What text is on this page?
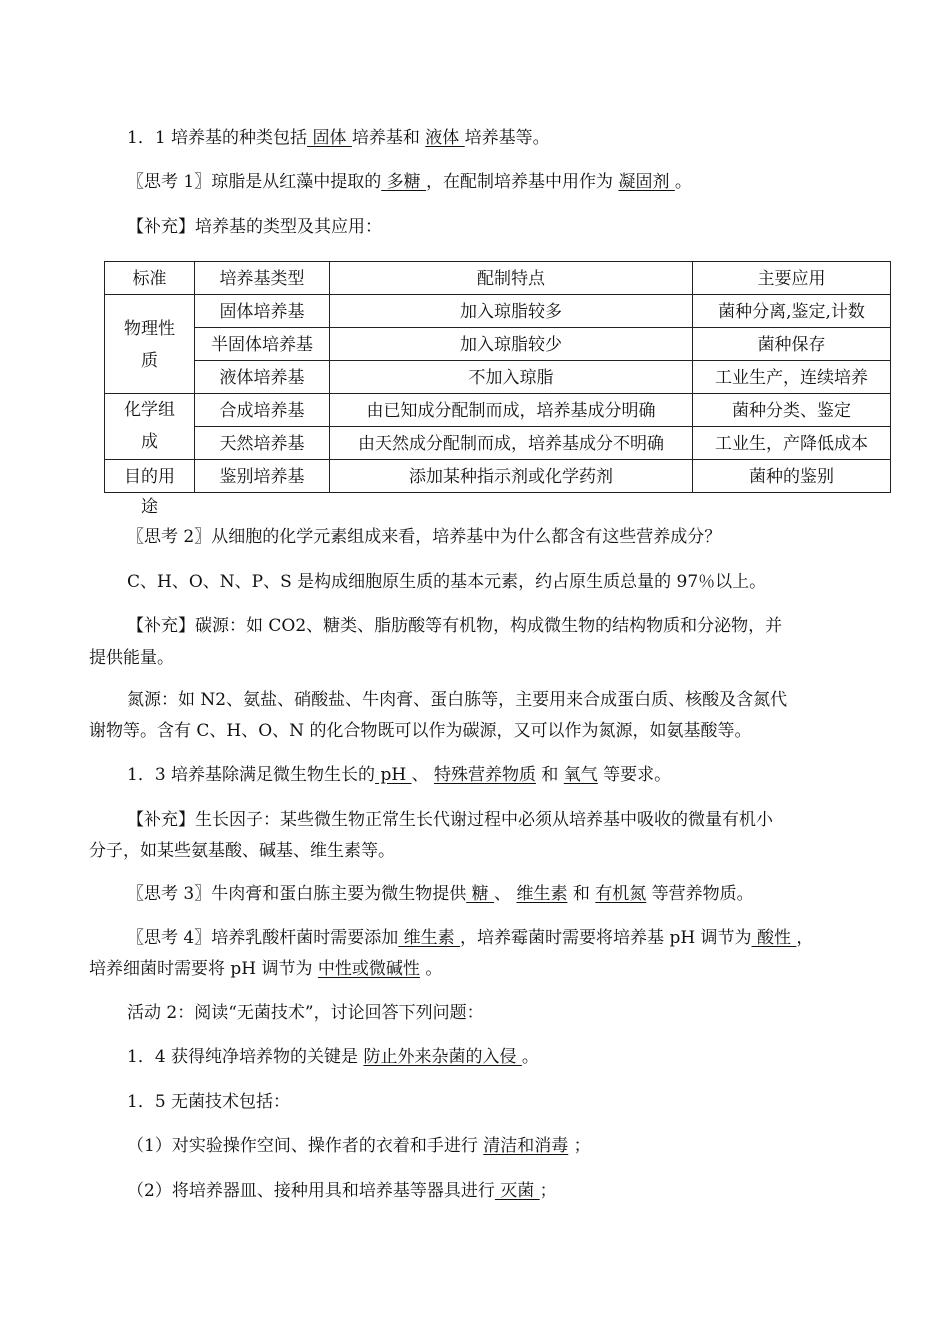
1．1 培养基的种类包括 固体 培养基和 液体 培养基等。
〖思考 1〗琼脂是从红藻中提取的 多糖 ，在配制培养基中用作为 凝固剂 。
【补充】培养基的类型及其应用：
标准	培养基类型	配制特点	主要应用

物理性
质	固体培养基	加入琼脂较多	菌种分离,鉴定,计数
	半固体培养基	加入琼脂较少	菌种保存
	液体培养基	不加入琼脂	工业生产，连续培养

化学组
成	合成培养基	由已知成分配制而成，培养基成分明确	菌种分类、鉴定
	天然培养基	由天然成分配制而成，培养基成分不明确	工业生，产降低成本

目的用
途	鉴别培养基	添加某种指示剂或化学药剂	菌种的鉴别
〖思考 2〗从细胞的化学元素组成来看，培养基中为什么都含有这些营养成分？
C、H、O、N、P、S 是构成细胞原生质的基本元素，约占原生质总量的 97％以上。
【补充】碳源：如 CO2、糖类、脂肪酸等有机物，构成微生物的结构物质和分泌物，并
提供能量。
氮源：如 N2、氨盐、硝酸盐、牛肉膏、蛋白胨等，主要用来合成蛋白质、核酸及含氮代
谢物等。含有 C、H、O、N 的化合物既可以作为碳源，又可以作为氮源，如氨基酸等。
1．3 培养基除满足微生物生长的 pH 、 特殊营养物质 和 氧气 等要求。
【补充】生长因子：某些微生物正常生长代谢过程中必须从培养基中吸收的微量有机小
分子，如某些氨基酸、碱基、维生素等。
〖思考 3〗牛肉膏和蛋白胨主要为微生物提供 糖 、 维生素 和 有机氮 等营养物质。
〖思考 4〗培养乳酸杆菌时需要添加 维生素 ，培养霉菌时需要将培养基 pH 调节为 酸性 ，
培养细菌时需要将 pH 调节为 中性或微碱性 。
活动 2：阅读“无菌技术”，讨论回答下列问题：
1．4 获得纯净培养物的关键是 防止外来杂菌的入侵 。
1．5 无菌技术包括：
（1）对实验操作空间、操作者的衣着和手进行 清洁和消毒 ；
（2）将培养器皿、接种用具和培养基等器具进行 灭菌 ；
